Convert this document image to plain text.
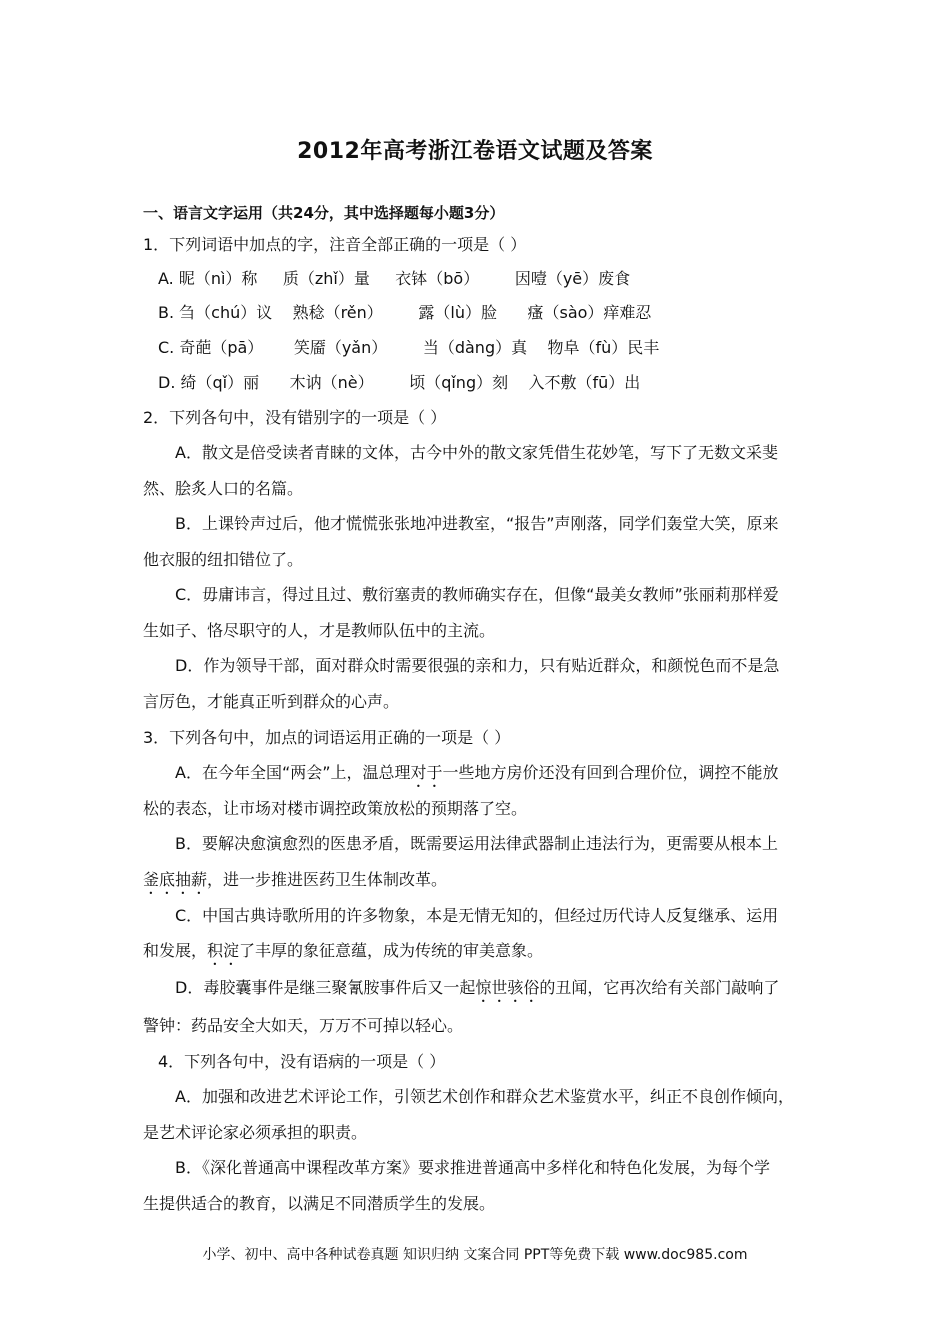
2012年高考浙江卷语文试题及答案
一、语言文字运用（共24分，其中选择题每小题3分）
1．下列词语中加点的字，注音全部正确的一项是（ ）
A. 昵（nì）称     质（zhǐ）量     衣钵（bō）       因噎（yē）废食
B. 刍（chú）议    熟稔（rěn）       露（lù）脸      瘙（sào）痒难忍
C. 奇葩（pā）      笑靥（yǎn）       当（dàng）真    物阜（fù）民丰
D. 绮（qǐ）丽      木讷（nè）       顷（qǐng）刻    入不敷（fū）出
2．下列各句中，没有错别字的一项是（ ）
A．散文是倍受读者青睐的文体，古今中外的散文家凭借生花妙笔，写下了无数文采斐
然、脍炙人口的名篇。
B．上课铃声过后，他才慌慌张张地冲进教室，“报告”声刚落，同学们轰堂大笑，原来
他衣服的纽扣错位了。
C．毋庸讳言，得过且过、敷衍塞责的教师确实存在，但像“最美女教师”张丽莉那样爱
生如子、恪尽职守的人，才是教师队伍中的主流。
D．作为领导干部，面对群众时需要很强的亲和力，只有贴近群众，和颜悦色而不是急
言厉色，才能真正听到群众的心声。
3．下列各句中，加点的词语运用正确的一项是（ ）
A．在今年全国“两会”上，温总理对于一些地方房价还没有回到合理价位，调控不能放
松的表态，让市场对楼市调控政策放松的预期落了空。
B．要解决愈演愈烈的医患矛盾，既需要运用法律武器制止违法行为，更需要从根本上
釜底抽薪，进一步推进医药卫生体制改革。
C．中国古典诗歌所用的许多物象，本是无情无知的，但经过历代诗人反复继承、运用
和发展，积淀了丰厚的象征意蕴，成为传统的审美意象。
D．毒胶囊事件是继三聚氰胺事件后又一起惊世骇俗的丑闻，它再次给有关部门敲响了
警钟：药品安全大如天，万万不可掉以轻心。
4．下列各句中，没有语病的一项是（ ）
A．加强和改进艺术评论工作，引领艺术创作和群众艺术鉴赏水平，纠正不良创作倾向，
是艺术评论家必须承担的职责。
B．《深化普通高中课程改革方案》要求推进普通高中多样化和特色化发展，为每个学
生提供适合的教育，以满足不同潜质学生的发展。
小学、初中、高中各种试卷真题 知识归纳 文案合同 PPT等免费下载 www.doc985.com
